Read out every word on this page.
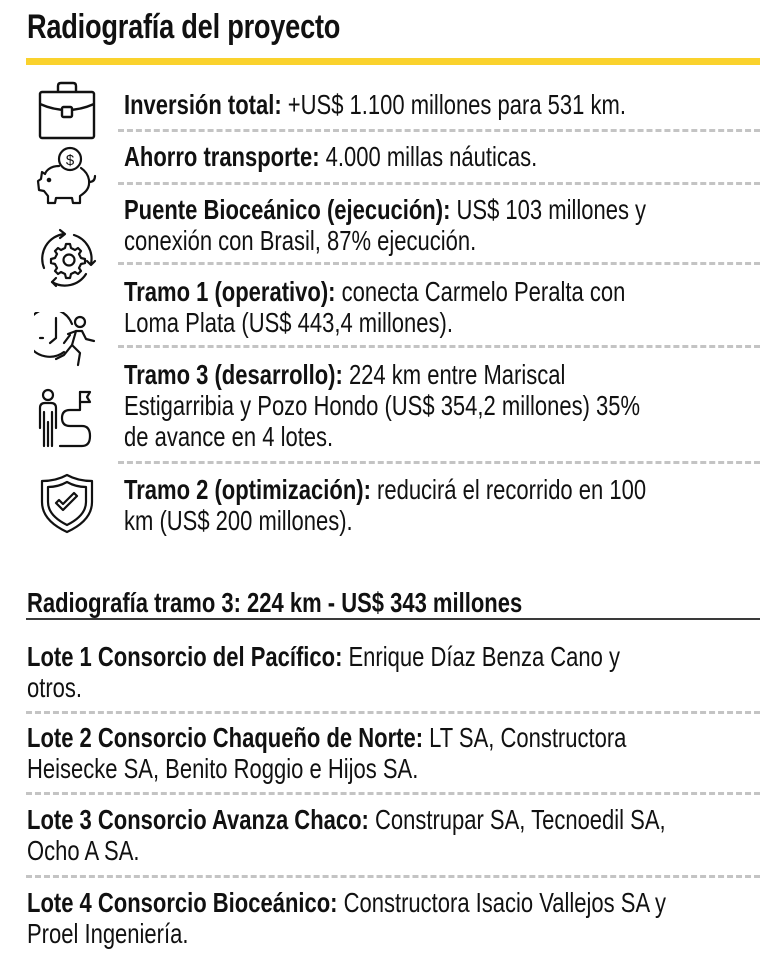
Radiografía del proyecto
Inversión total: +US$ 1.100 millones para 531 km.
$ Ahorro transporte: 4.000 millas náuticas.
Puente Bioceánico (ejecución): US$ 103 millones y
conexión con Brasil, 87% ejecución.
Tramo 1 (operativo): conecta Carmelo Peralta con
Loma Plata (US$ 443,4 millones).
Tramo 3 (desarrollo): 224 km entre Mariscal
Estigarribia y Pozo Hondo (US$ 354,2 millones) 35%
de avance en 4 lotes.
Tramo 2 (optimización): reducirá el recorrido en 100
km (US$ 200 millones).
Radiografía tramo 3: 224 km - US$ 343 millones
Lote 1 Consorcio del Pacífico: Enrique Díaz Benza Cano y
otros.
Lote 2 Consorcio Chaqueño de Norte: LT SA, Constructora
Heisecke SA, Benito Roggio e Hijos SA.
Lote 3 Consorcio Avanza Chaco: Construpar SA, Tecnoedil SA,
Ocho A SA.
Lote 4 Consorcio Bioceánico: Constructora Isacio Vallejos SA y
Proel Ingeniería.
